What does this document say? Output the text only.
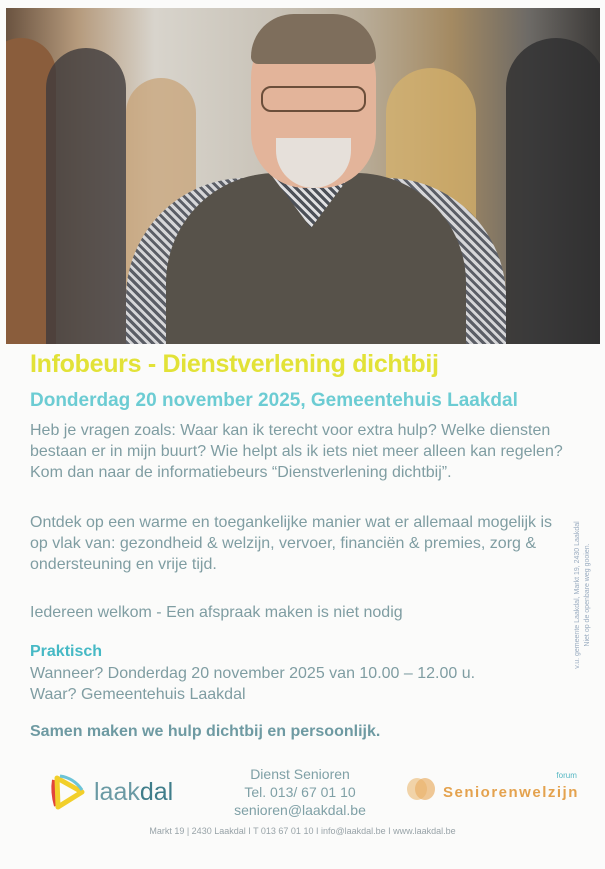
Infobeurs - Dienstverlening dichtbij
Donderdag 20 november 2025, Gemeentehuis Laakdal
Heb je vragen zoals: Waar kan ik terecht voor extra hulp? Welke diensten bestaan er in mijn buurt? Wie helpt als ik iets niet meer alleen kan regelen? Kom dan naar de informatiebeurs “Dienstverlening dichtbij”.
Ontdek op een warme en toegankelijke manier wat er allemaal mogelijk is op vlak van: gezondheid & welzijn, vervoer, financiën & premies, zorg & ondersteuning en vrije tijd.
Iedereen welkom - Een afspraak maken is niet nodig
Praktisch
Wanneer? Donderdag 20 november 2025 van 10.00 – 12.00 u.
Waar? Gemeentehuis Laakdal
Samen maken we hulp dichtbij en persoonlijk.
v.u. gemeente Laakdal, Markt 19, 2430 Laakdal Niet op de openbare weg gooien.
laakdal
Dienst Senioren
Tel. 013/ 67 01 10
senioren@laakdal.be
forum
Seniorenwelzijn
Markt 19 | 2430 Laakdal I T 013 67 01 10 I info@laakdal.be I www.laakdal.be
